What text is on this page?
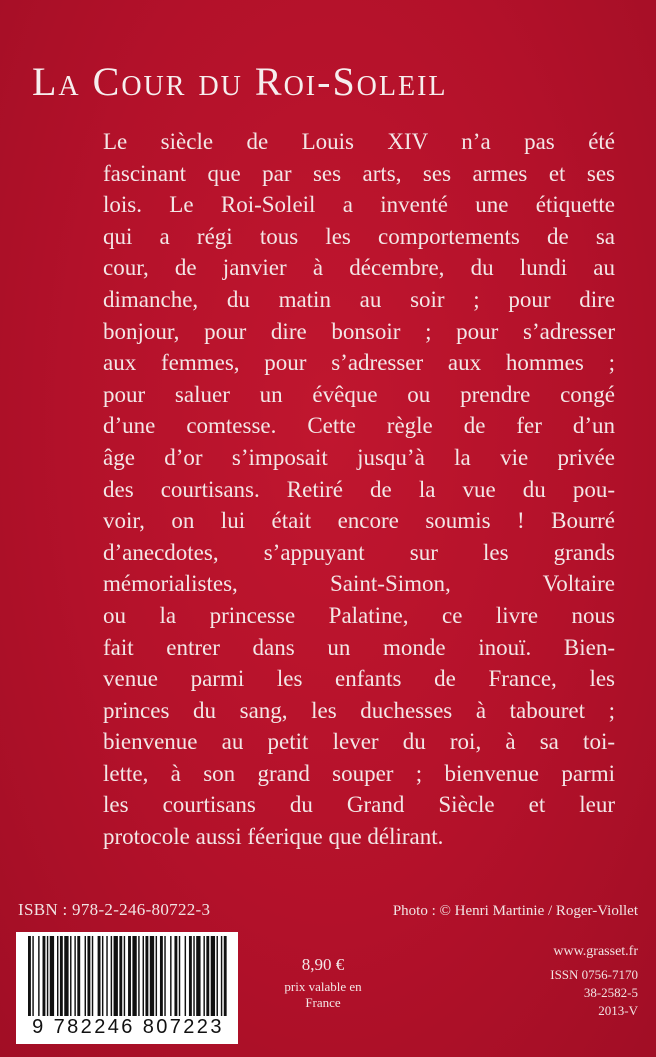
La Cour du Roi-Soleil
Le siècle de Louis XIV n’a pas été
fascinant que par ses arts, ses armes et ses
lois. Le Roi-Soleil a inventé une étiquette
qui a régi tous les comportements de sa
cour, de janvier à décembre, du lundi au
dimanche, du matin au soir ; pour dire
bonjour, pour dire bonsoir ; pour s’adresser
aux femmes, pour s’adresser aux hommes ;
pour saluer un évêque ou prendre congé
d’une comtesse. Cette règle de fer d’un
âge d’or s’imposait jusqu’à la vie privée
des courtisans. Retiré de la vue du pou-
voir, on lui était encore soumis ! Bourré
d’anecdotes, s’appuyant sur les grands
mémorialistes, Saint-Simon, Voltaire
ou la princesse Palatine, ce livre nous
fait entrer dans un monde inouï. Bien-
venue parmi les enfants de France, les
princes du sang, les duchesses à tabouret ;
bienvenue au petit lever du roi, à sa toi-
lette, à son grand souper ; bienvenue parmi
les courtisans du Grand Siècle et leur
protocole aussi féerique que délirant.
ISBN : 978-2-246-80722-3	Photo : © Henri Martinie / Roger-Viollet
9 782246 807223
8,90 €
prix valable en
France
www.grasset.fr
ISSN 0756-7170
38-2582-5
2013-V
